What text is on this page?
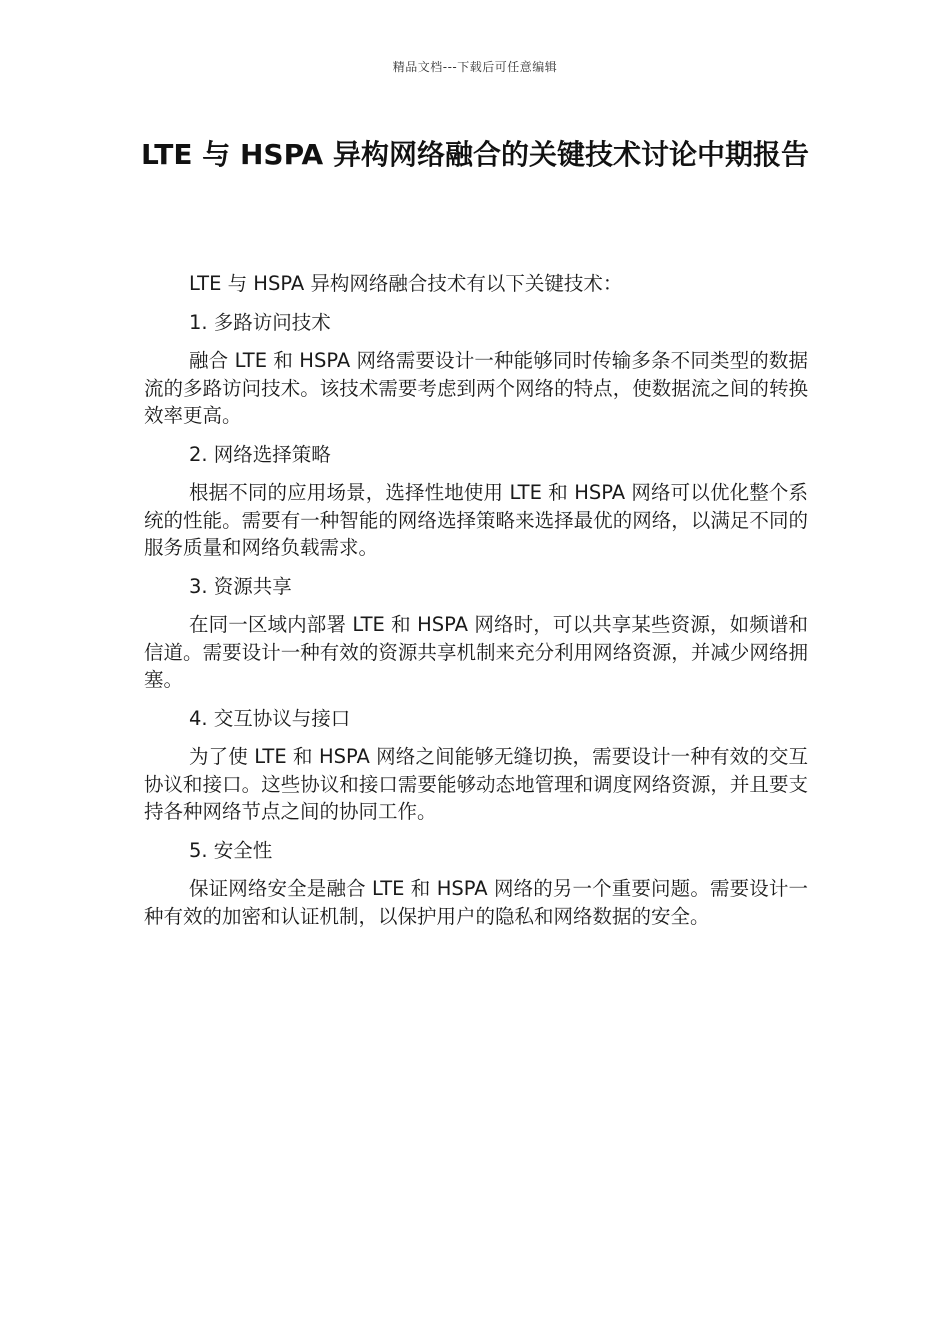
精品文档---下载后可任意编辑
LTE 与 HSPA 异构网络融合的关键技术讨论中期报告

LTE 与 HSPA 异构网络融合技术有以下关键技术：

1. 多路访问技术

融合 LTE 和 HSPA 网络需要设计一种能够同时传输多条不同类型的数据流的多路访问技术。该技术需要考虑到两个网络的特点，使数据流之间的转换效率更高。

2. 网络选择策略

根据不同的应用场景，选择性地使用 LTE 和 HSPA 网络可以优化整个系统的性能。需要有一种智能的网络选择策略来选择最优的网络，以满足不同的服务质量和网络负载需求。

3. 资源共享

在同一区域内部署 LTE 和 HSPA 网络时，可以共享某些资源，如频谱和信道。需要设计一种有效的资源共享机制来充分利用网络资源，并减少网络拥塞。

4. 交互协议与接口

为了使 LTE 和 HSPA 网络之间能够无缝切换，需要设计一种有效的交互协议和接口。这些协议和接口需要能够动态地管理和调度网络资源，并且要支持各种网络节点之间的协同工作。

5. 安全性

保证网络安全是融合 LTE 和 HSPA 网络的另一个重要问题。需要设计一种有效的加密和认证机制，以保护用户的隐私和网络数据的安全。
